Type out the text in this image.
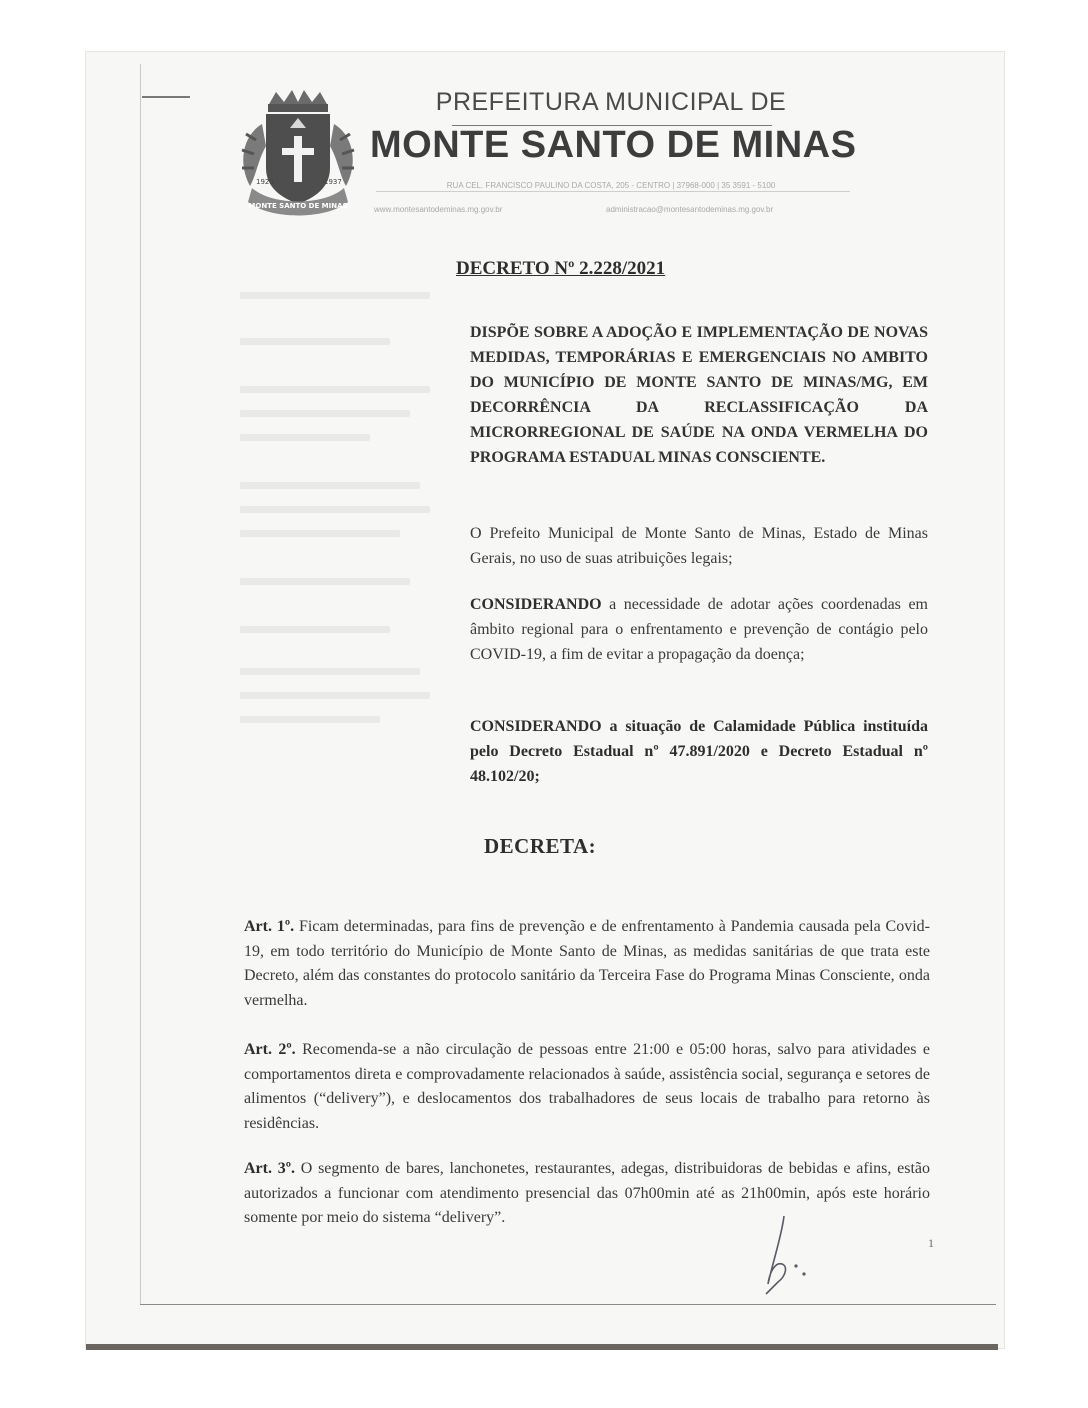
MONTE SANTO DE MINAS
1920	1937
PREFEITURA MUNICIPAL DE
MONTE SANTO DE MINAS
RUA CEL. FRANCISCO PAULINO DA COSTA, 205 - CENTRO | 37968-000 | 35 3591 - 5100
www.montesantodeminas.mg.gov.br	administracao@montesantodeminas.mg.gov.br
DECRETO Nº 2.228/2021
DISPÕE SOBRE A ADOÇÃO E IMPLEMENTAÇÃO DE NOVAS MEDIDAS, TEMPORÁRIAS E EMERGENCIAIS NO AMBITO DO MUNICÍPIO DE MONTE SANTO DE MINAS/MG, EM DECORRÊNCIA DA RECLASSIFICAÇÃO DA MICRORREGIONAL DE SAÚDE NA ONDA VERMELHA DO PROGRAMA ESTADUAL MINAS CONSCIENTE.
O Prefeito Municipal de Monte Santo de Minas, Estado de Minas Gerais, no uso de suas atribuições legais;
CONSIDERANDO a necessidade de adotar ações coordenadas em âmbito regional para o enfrentamento e prevenção de contágio pelo COVID-19, a fim de evitar a propagação da doença;
CONSIDERANDO a situação de Calamidade Pública instituída pelo Decreto Estadual nº 47.891/2020 e Decreto Estadual nº 48.102/20;
DECRETA:
Art. 1º. Ficam determinadas, para fins de prevenção e de enfrentamento à Pandemia causada pela Covid-19, em todo território do Município de Monte Santo de Minas, as medidas sanitárias de que trata este Decreto, além das constantes do protocolo sanitário da Terceira Fase do Programa Minas Consciente, onda vermelha.
Art. 2º. Recomenda-se a não circulação de pessoas entre 21:00 e 05:00 horas, salvo para atividades e comportamentos direta e comprovadamente relacionados à saúde, assistência social, segurança e setores de alimentos (“delivery”), e deslocamentos dos trabalhadores de seus locais de trabalho para retorno às residências.
Art. 3º. O segmento de bares, lanchonetes, restaurantes, adegas, distribuidoras de bebidas e afins, estão autorizados a funcionar com atendimento presencial das 07h00min até as 21h00min, após este horário somente por meio do sistema “delivery”.
1
